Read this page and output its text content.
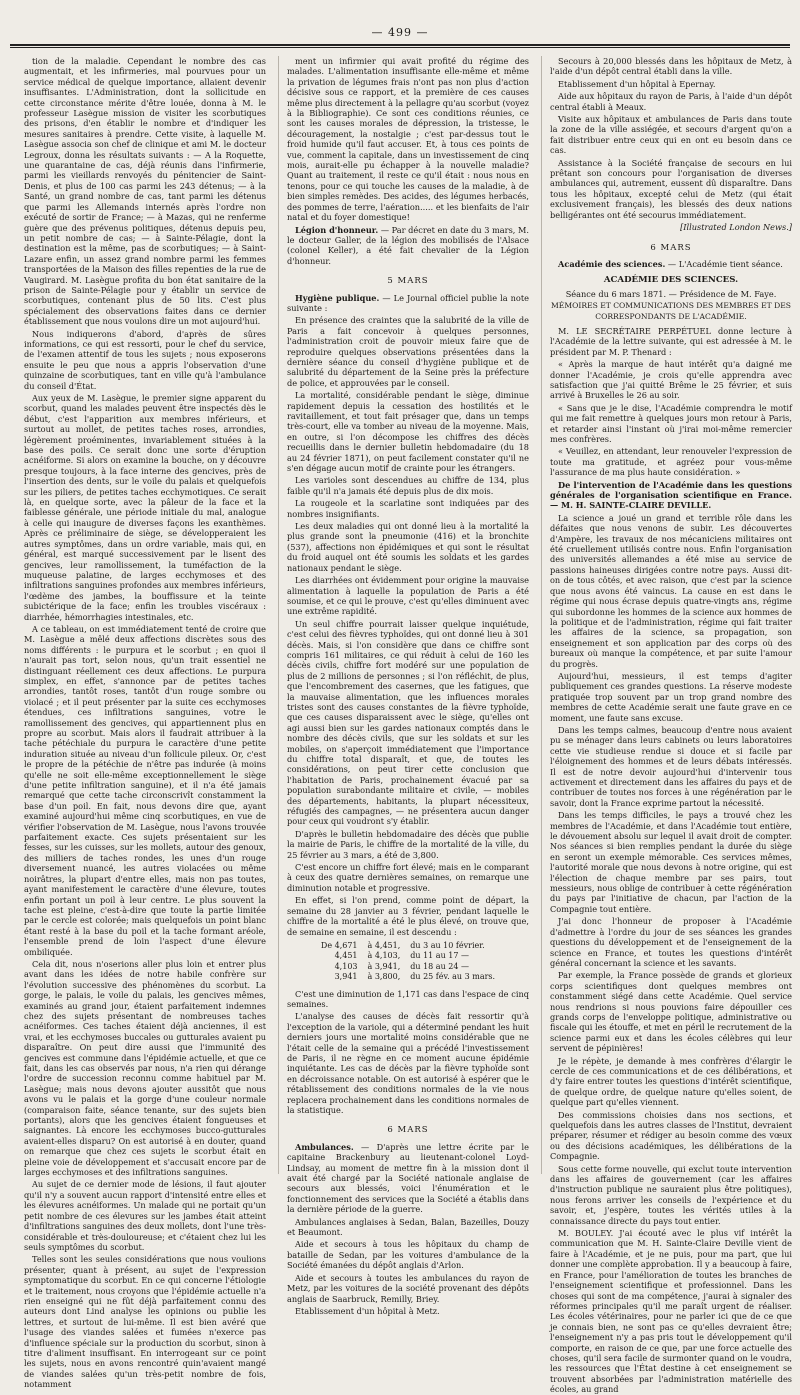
— 499 —

tion de la maladie. Cependant le nombre des cas augmentait, et les infirmeries, mal pourvues pour un service médical de quelque importance, allaient devenir insuffisantes. L'Administration, dont la sollicitude en cette circonstance mérite d'être louée, donna à M. le professeur Lasègue mission de visiter les scorbutiques des prisons, d'en établir le nombre et d'indiquer les mesures sanitaires à prendre. Cette visite, à laquelle M. Lasègue associa son chef de clinique et ami M. le docteur Legroux, donna les résultats suivants : — A la Roquette, une quarantaine de cas, déjà réunis dans l'infirmerie, parmi les vieillards renvoyés du pénitencier de Saint-Denis, et plus de 100 cas parmi les 243 détenus; — à la Santé, un grand nombre de cas, tant parmi les détenus que parmi les Allemands internés après l'ordre non exécuté de sortir de France; — à Mazas, qui ne renferme guère que des prévenus politiques, détenus depuis peu, un petit nombre de cas; — à Sainte-Pélagie, dont la destination est la même, pas de scorbutiques; — à Saint-Lazare enfin, un assez grand nombre parmi les femmes transportées de la Maison des filles repenties de la rue de Vaugirard. M. Lasègue profita du bon état sanitaire de la prison de Sainte-Pélagie pour y établir un service de scorbutiques, contenant plus de 50 lits. C'est plus spécialement des observations faites dans ce dernier établissement que nous voulons dire un mot aujourd'hui.

Nous indiquerons d'abord, d'après de sûres informations, ce qui est ressorti, pour le chef du service, de l'examen attentif de tous les sujets ; nous exposerons ensuite le peu que nous a appris l'observation d'une quinzaine de scorbutiques, tant en ville qu'à l'ambulance du conseil d'État.

Aux yeux de M. Lasègue, le premier signe apparent du scorbut, quand les malades peuvent être inspectés dès le début, c'est l'apparition aux membres inférieurs, et surtout au mollet, de petites taches roses, arrondies, légèrement proéminentes, invariablement situées à la base des poils. Ce serait donc une sorte d'éruption acnéiforme. Si alors on examine la bouche, on y découvre presque toujours, à la face interne des gencives, près de l'insertion des dents, sur le voile du palais et quelquefois sur les piliers, de petites taches ecchymotiques. Ce serait là, en quelque sorte, avec la pâleur de la face et la faiblesse générale, une période initiale du mal, analogue à celle qui inaugure de diverses façons les exanthèmes. Après ce préliminaire de siège, se développeraient les autres symptômes, dans un ordre variable, mais qui, en général, est marqué successivement par le lisent des gencives, leur ramollissement, la tuméfaction de la muqueuse palatine, de larges ecchymoses et des infiltrations sanguines profondes aux membres inférieurs, l'œdème des jambes, la bouffissure et la teinte subictérique de la face; enfin les troubles viscéraux : diarrhée, hémorrhagies intestinales, etc.

A ce tableau, on est immédiatement tenté de croire que M. Lasègue a mêlé deux affections discrètes sous des noms différents : le purpura et le scorbut ; en quoi il n'aurait pas tort, selon nous, qu'un trait essentiel ne distinguant réellement ces deux affections. Le purpura simplex, en effet, s'annonce par de petites taches arrondies, tantôt roses, tantôt d'un rouge sombre ou violacé ; et il peut présenter par la suite ces ecchymoses étendues, ces infiltrations sanguines, votre le ramollissement des gencives, qui appartiennent plus en propre au scorbut. Mais alors il faudrait attribuer à la tache pétéchiale du purpura le caractère d'une petite induration située au niveau d'un follicule pileux. Or, c'est le propre de la pétéchie de n'être pas indurée (à moins qu'elle ne soit elle-même exceptionnellement le siège d'une petite infiltration sanguine), et il n'a été jamais remarqué que cette tache circonscrivît constamment la base d'un poil. En fait, nous devons dire que, ayant examiné aujourd'hui même cinq scorbutiques, en vue de vérifier l'observation de M. Lasègue, nous l'avons trouvée parfaitement exacte. Ces sujets présentaient sur les fesses, sur les cuisses, sur les mollets, autour des genoux, des milliers de taches rondes, les unes d'un rouge diversement nuancé, les autres violacées ou même noirâtres, la plupart d'entre elles, mais non pas toutes, ayant manifestement le caractère d'une élevure, toutes enfin portant un poil à leur centre. Le plus souvent la tache est pleine, c'est-à-dire que toute la partie limitée par le cercle est colorée; mais quelquefois un point blanc étant resté à la base du poil et la tache formant aréole, l'ensemble prend de loin l'aspect d'une élevure ombiliquée.

Cela dit, nous n'oserions aller plus loin et entrer plus avant dans les idées de notre habile confrère sur l'évolution successive des phénomènes du scorbut. La gorge, le palais, le voile du palais, les gencives mêmes, examinés au grand jour, étaient parfaitement indemnes chez des sujets présentant de nombreuses taches acnéiformes. Ces taches étaient déjà anciennes, il est vrai, et les ecchymoses buccales ou gutturales avaient pu disparaître. On peut dire aussi que l'immunité des gencives est commune dans l'épidémie actuelle, et que ce fait, dans les cas observés par nous, n'a rien qui dérange l'ordre de succession reconnu comme habituel par M. Lasègue; mais nous devons ajouter aussitôt que nous avons vu le palais et la gorge d'une couleur normale (comparaison faite, séance tenante, sur des sujets bien portants), alors que les gencives étaient fongueuses et saignantes. Là encore les ecchymoses bucco-gutturales avaient-elles disparu? On est autorisé à en douter, quand on remarque que chez ces sujets le scorbut était en pleine voie de développement et s'accusait encore par de larges ecchymoses et des infiltrations sanguines.

Au sujet de ce dernier mode de lésions, il faut ajouter qu'il n'y a souvent aucun rapport d'intensité entre elles et les élevures acnéiformes. Un malade qui ne portait qu'un petit nombre de ces élevures sur les jambes était atteint d'infiltrations sanguines des deux mollets, dont l'une très-considérable et très-douloureuse; et c'étaient chez lui les seuls symptômes du scorbut.

Telles sont les seules considérations que nous voulions présenter, quant à présent, au sujet de l'expression symptomatique du scorbut. En ce qui concerne l'étiologie et le traitement, nous croyons que l'épidémie actuelle n'a rien enseigné qui ne fût déjà parfaitement connu des auteurs dont Lind analyse les opinions ou publie les lettres, et surtout de lui-même. Il est bien avéré que l'usage des viandes salées et fumées n'exerce pas d'influence spéciale sur la production du scorbut, sinon à titre d'aliment insuffisant. En interrogeant sur ce point les sujets, nous en avons rencontré quin'avaient mangé de viandes salées qu'un très-petit nombre de fois, notamment

ment un infirmier qui avait profité du régime des malades. L'alimentation insuffisante elle-même et même la privation de légumes frais n'ont pas non plus d'action décisive sous ce rapport, et la première de ces causes même plus directement à la pellagre qu'au scorbut (voyez à la Bibliographie). Ce sont ces conditions réunies, ce sont les causes morales de dépression, la tristesse, le découragement, la nostalgie ; c'est par-dessus tout le froid humide qu'il faut accuser. Et, à tous ces points de vue, comment la capitale, dans un investissement de cinq mois, aurait-elle pu échapper à la nouvelle maladie? Quant au traitement, il reste ce qu'il était : nous nous en tenons, pour ce qui touche les causes de la maladie, à de bien simples remèdes. Des acides, des légumes herbacés, des pommes de terre, l'aération..... et les bienfaits de l'air natal et du foyer domestique!

Légion d'honneur. — Par décret en date du 3 mars, M. le docteur Galler, de la légion des mobilisés de l'Alsace (colonel Keller), a été fait chevalier de la Légion d'honneur.

5 MARS

Hygiène publique. — Le Journal officiel publie la note suivante :

En présence des craintes que la salubrité de la ville de Paris a fait concevoir à quelques personnes, l'administration croit de pouvoir mieux faire que de reproduire quelques observations présentées dans la dernière séance du conseil d'hygiène publique et de salubrité du département de la Seine près la préfecture de police, et approuvées par le conseil.

La mortalité, considérable pendant le siège, diminue rapidement depuis la cessation des hostilités et le ravitaillement, et tout fait présager que, dans un temps très-court, elle va tomber au niveau de la moyenne. Mais, en outre, si l'on décompose les chiffres des décès recueillis dans le dernier bulletin hebdomadaire (du 18 au 24 février 1871), on peut facilement constater qu'il ne s'en dégage aucun motif de crainte pour les étrangers.

Les varioles sont descendues au chiffre de 134, plus faible qu'il n'a jamais été depuis plus de dix mois.

La rougeole et la scarlatine sont indiquées par des nombres insignifiants.

Les deux maladies qui ont donné lieu à la mortalité la plus grande sont la pneumonie (416) et la bronchite (537), affections non épidémiques et qui sont le résultat du froid auquel ont été soumis les soldats et les gardes nationaux pendant le siège.

Les diarrhées ont évidemment pour origine la mauvaise alimentation à laquelle la population de Paris a été soumise, et ce qui le prouve, c'est qu'elles diminuent avec une extrême rapidité.

Un seul chiffre pourrait laisser quelque inquiétude, c'est celui des fièvres typhoïdes, qui ont donné lieu à 301 décès. Mais, si l'on considère que dans ce chiffre sont compris 161 militaires, ce qui réduit à celui de 160 les décès civils, chiffre fort modéré sur une population de plus de 2 millions de personnes ; si l'on réfléchit, de plus, que l'encombrement des casernes, que les fatigues, que la mauvaise alimentation, que les influences morales tristes sont des causes constantes de la fièvre typhoïde, que ces causes disparaissent avec le siège, qu'elles ont agi aussi bien sur les gardes nationaux comptés dans le nombre des décès civils, que sur les soldats et sur les mobiles, on s'aperçoit immédiatement que l'importance du chiffre total disparaît, et que, de toutes les considérations, on peut tirer cette conclusion que l'habitation de Paris, prochainement évacué par sa population surabondante militaire et civile, — mobiles des départements, habitants, la plupart nécessiteux, réfugiés des campagnes, — ne présentera aucun danger pour ceux qui voudront s'y établir.

D'après le bulletin hebdomadaire des décès que publie la mairie de Paris, le chiffre de la mortalité de la ville, du 25 février au 3 mars, a été de 3,800.

C'est encore un chiffre fort élevé; mais en le comparant à ceux des quatre dernières semaines, on remarque une diminution notable et progressive.

En effet, si l'on prend, comme point de départ, la semaine du 28 janvier au 3 février, pendant laquelle le chiffre de la mortalité a été le plus élevé, on trouve que, de semaine en semaine, il est descendu :

De 4,671	à 4,451,	du 3 au 10 février.
4,451	à 4,103,	du 11 au 17 —
4,103	à 3,941,	du 18 au 24 —
3,941	à 3,800,	du 25 fév. au 3 mars.

C'est une diminution de 1,171 cas dans l'espace de cinq semaines.

L'analyse des causes de décès fait ressortir qu'à l'exception de la variole, qui a déterminé pendant les huit derniers jours une mortalité moins considérable que ne l'était celle de la semaine qui a précédé l'investissement de Paris, il ne règne en ce moment aucune épidémie inquiétante. Les cas de décès par la fièvre typhoïde sont en décroissance notable. On est autorisé à espérer que le rétablissement des conditions normales de la vie nous replacera prochainement dans les conditions normales de la statistique.

6 MARS

Ambulances. — D'après une lettre écrite par le capitaine Brackenbury au lieutenant-colonel Loyd-Lindsay, au moment de mettre fin à la mission dont il avait été chargé par la Société nationale anglaise de secours aux blessés, voici l'énumération et le fonctionnement des services que la Société a établis dans la dernière période de la guerre.

Ambulances anglaises à Sedan, Balan, Bazeilles, Douzy et Beaumont.

Aide et secours à tous les hôpitaux du champ de bataille de Sedan, par les voitures d'ambulance de la Société émanées du dépôt anglais d'Arlon.

Aide et secours à toutes les ambulances du rayon de Metz, par les voitures de la société provenant des dépôts anglais de Saarbruck, Remilly, Briey.

Etablissement d'un hôpital à Metz.

Secours à 20,000 blessés dans les hôpitaux de Metz, à l'aide d'un dépôt central établi dans la ville.

Etablissement d'un hôpital à Epernay.

Aide aux hôpitaux du rayon de Paris, à l'aide d'un dépôt central établi à Meaux.

Visite aux hôpitaux et ambulances de Paris dans toute la zone de la ville assiégée, et secours d'argent qu'on a fait distribuer entre ceux qui en ont eu besoin dans ce cas.

Assistance à la Société française de secours en lui prêtant son concours pour l'organisation de diverses ambulances qui, autrement, eussent dû disparaître. Dans tous les hôpitaux, excepté celui de Metz (qui était exclusivement français), les blessés des deux nations belligérantes ont été secourus immédiatement.

[Illustrated London News.]
6 MARS

Académie des sciences. — L'Académie tient séance.

ACADÉMIE DES SCIENCES.
Séance du 6 mars 1871. — Présidence de M. Faye.
MÉMOIRES ET COMMUNICATIONS DES MEMBRES ET DES CORRESPONDANTS DE L'ACADÉMIE.

M. LE SECRÉTAIRE PERPÉTUEL donne lecture à l'Académie de la lettre suivante, qui est adressée à M. le président par M. P. Thenard :

« Après la marque de haut intérêt qu'a daigné me donner l'Académie, je crois qu'elle apprendra avec satisfaction que j'ai quitté Brême le 25 février, et suis arrivé à Bruxelles le 26 au soir.

« Sans que je le dise, l'Académie comprendra le motif qui me fait remettre à quelques jours mon retour à Paris, et retarder ainsi l'instant où j'irai moi-même remercier mes confrères.

« Veuillez, en attendant, leur renouveler l'expression de toute ma gratitude, et agréez pour vous-même l'assurance de ma plus haute considération. »

De l'intervention de l'Académie dans les questions générales de l'organisation scientifique en France. — M. H. SAINTE-CLAIRE DEVILLE.

La science a joué un grand et terrible rôle dans les défaites que nous venons de subir. Les découvertes d'Ampère, les travaux de nos mécaniciens militaires ont été cruellement utilisés contre nous. Enfin l'organisation des universités allemandes a été mise au service de passions haineuses dirigées contre notre pays. Aussi dit-on de tous côtés, et avec raison, que c'est par la science que nous avons été vaincus. La cause en est dans le régime qui nous écrase depuis quatre-vingts ans, régime qui subordonne les hommes de la science aux hommes de la politique et de l'administration, régime qui fait traiter les affaires de la science, sa propagation, son enseignement et son application par des corps où des bureaux où manque la compétence, et par suite l'amour du progrès.

Aujourd'hui, messieurs, il est temps d'agiter publiquement ces grandes questions. La réserve modeste pratiquée trop souvent par un trop grand nombre des membres de cette Académie serait une faute grave en ce moment, une faute sans excuse.

Dans les temps calmes, beaucoup d'entre nous avaient pu se ménager dans leurs cabinets ou leurs laboratoires cette vie studieuse rendue si douce et si facile par l'éloignement des hommes et de leurs débats intéressés. Il est de notre devoir aujourd'hui d'intervenir tous activement et directement dans les affaires du pays et de contribuer de toutes nos forces à une régénération par le savoir, dont la France exprime partout la nécessité.

Dans les temps difficiles, le pays a trouvé chez les membres de l'Académie, et dans l'Académie tout entière, le dévouement absolu sur lequel il avait droit de compter. Nos séances si bien remplies pendant la durée du siège en seront un exemple mémorable. Ces services mêmes, l'autorité morale que nous devons à notre origine, qui est l'élection de chaque membre par ses pairs, tout messieurs, nous oblige de contribuer à cette régénération du pays par l'initiative de chacun, par l'action de la Compagnie tout entière.

J'ai donc l'honneur de proposer à l'Académie d'admettre à l'ordre du jour de ses séances les grandes questions du développement et de l'enseignement de la science en France, et toutes les questions d'intérêt général concernant la science et les savants.

Par exemple, la France possède de grands et glorieux corps scientifiques dont quelques membres ont constamment siégé dans cette Académie. Quel service nous rendrions si nous pouvions faire dépouiller ces grands corps de l'enveloppe politique, administrative ou fiscale qui les étouffe, et met en péril le recrutement de la science parmi eux et dans les écoles célèbres qui leur servent de pépinières!

Je le répète, je demande à mes confrères d'élargir le cercle de ces communications et de ces délibérations, et d'y faire entrer toutes les questions d'intérêt scientifique, de quelque ordre, de quelque nature qu'elles soient, de quelque part qu'elles viennent.

Des commissions choisies dans nos sections, et quelquefois dans les autres classes de l'Institut, devraient préparer, résumer et rédiger au besoin comme des vœux ou des décisions académiques, les délibérations de la Compagnie.

Sous cette forme nouvelle, qui exclut toute intervention dans les affaires de gouvernement (car les affaires d'instruction publique ne sauraient plus être politiques), nous ferons arriver les conseils de l'expérience et du savoir, et, j'espère, toutes les vérités utiles à la connaissance directe du pays tout entier.

M. BOULEY. J'ai écouté avec le plus vif intérêt la communication que M. H. Sainte-Claire Deville vient de faire à l'Académie, et je ne puis, pour ma part, que lui donner une complète approbation. Il y a beaucoup à faire, en France, pour l'amélioration de toutes les branches de l'enseignement scientifique et professionnel. Dans les choses qui sont de ma compétence, j'aurai à signaler des réformes principales qu'il me paraît urgent de réaliser. Les écoles vétérinaires, pour ne parler ici que de ce que je connais bien, ne sont pas ce qu'elles devraient être; l'enseignement n'y a pas pris tout le développement qu'il comporte, en raison de ce que, par une force actuelle des choses, qu'il sera facile de surmonter quand on le voudra, les ressources que l'État destine à cet enseignement se trouvent absorbées par l'administration matérielle des écoles, au grand
